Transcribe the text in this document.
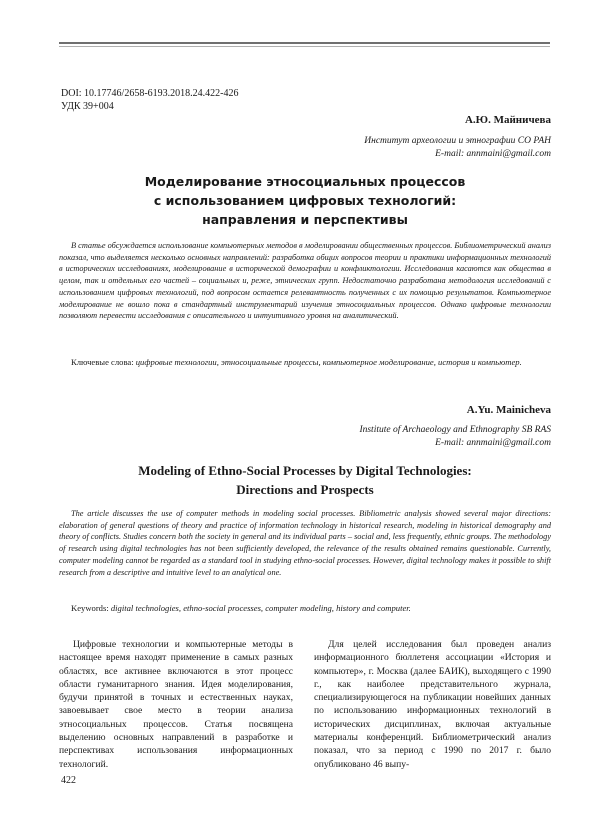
DOI: 10.17746/2658-6193.2018.24.422-426
УДК 39+004
А.Ю. Майничева
Институт археологии и этнографии СО РАН
E-mail: annmaini@gmail.com
Моделирование этносоциальных процессов
с использованием цифровых технологий:
направления и перспективы

В статье обсуждается использование компьютерных методов в моделировании общественных процессов. Библиометрический анализ показал, что выделяется несколько основных направлений: разработка общих вопросов теории и практики информационных технологий в исторических исследованиях, моделирование в исторической демографии и конфликтологии. Исследования касаются как общества в целом, так и отдельных его частей – социальных и, реже, этнических групп. Недостаточно разработана методология исследований с использованием цифровых технологий, под вопросом остается релевантность полученных с их помощью результатов. Компьютерное моделирование не вошло пока в стандартный инструментарий изучения этносоциальных процессов. Однако цифровые технологии позволяют перевести исследования с описательного и интуитивного уровня на аналитический.

Ключевые слова: цифровые технологии, этносоциальные процессы, компьютерное моделирование, история и компьютер.

A.Yu. Mainicheva
Institute of Archaeology and Ethnography SB RAS
E-mail: annmaini@gmail.com
Modeling of Ethno-Social Processes by Digital Technologies:
Directions and Prospects

The article discusses the use of computer methods in modeling social processes. Bibliometric analysis showed several major directions: elaboration of general questions of theory and practice of information technology in historical research, modeling in historical demography and theory of conflicts. Studies concern both the society in general and its individual parts – social and, less frequently, ethnic groups. The methodology of research using digital technologies has not been sufficiently developed, the relevance of the results obtained remains questionable. Currently, computer modeling cannot be regarded as a standard tool in studying ethno-social processes. However, digital technology makes it possible to shift research from a descriptive and intuitive level to an analytical one.

Keywords: digital technologies, ethno-social processes, computer modeling, history and computer.

Цифровые технологии и компьютерные методы в настоящее время находят применение в самых разных областях, все активнее включаются в этот процесс области гуманитарного знания. Идея моделирования, будучи принятой в точных и естественных науках, завоевывает свое место в теории анализа этносоциальных процессов. Статья посвящена выделению основных направлений в разработке и перспективах использования информационных технологий.

Для целей исследования был проведен анализ информационного бюллетеня ассоциации «История и компьютер», г. Москва (далее БАИК), выходящего с 1990 г., как наиболее представительного журнала, специализирующегося на публикации новейших данных по использованию информационных технологий в исторических дисциплинах, включая актуальные материалы конференций. Библиометрический анализ показал, что за период с 1990 по 2017 г. было опубликовано 46 выпу-

422
